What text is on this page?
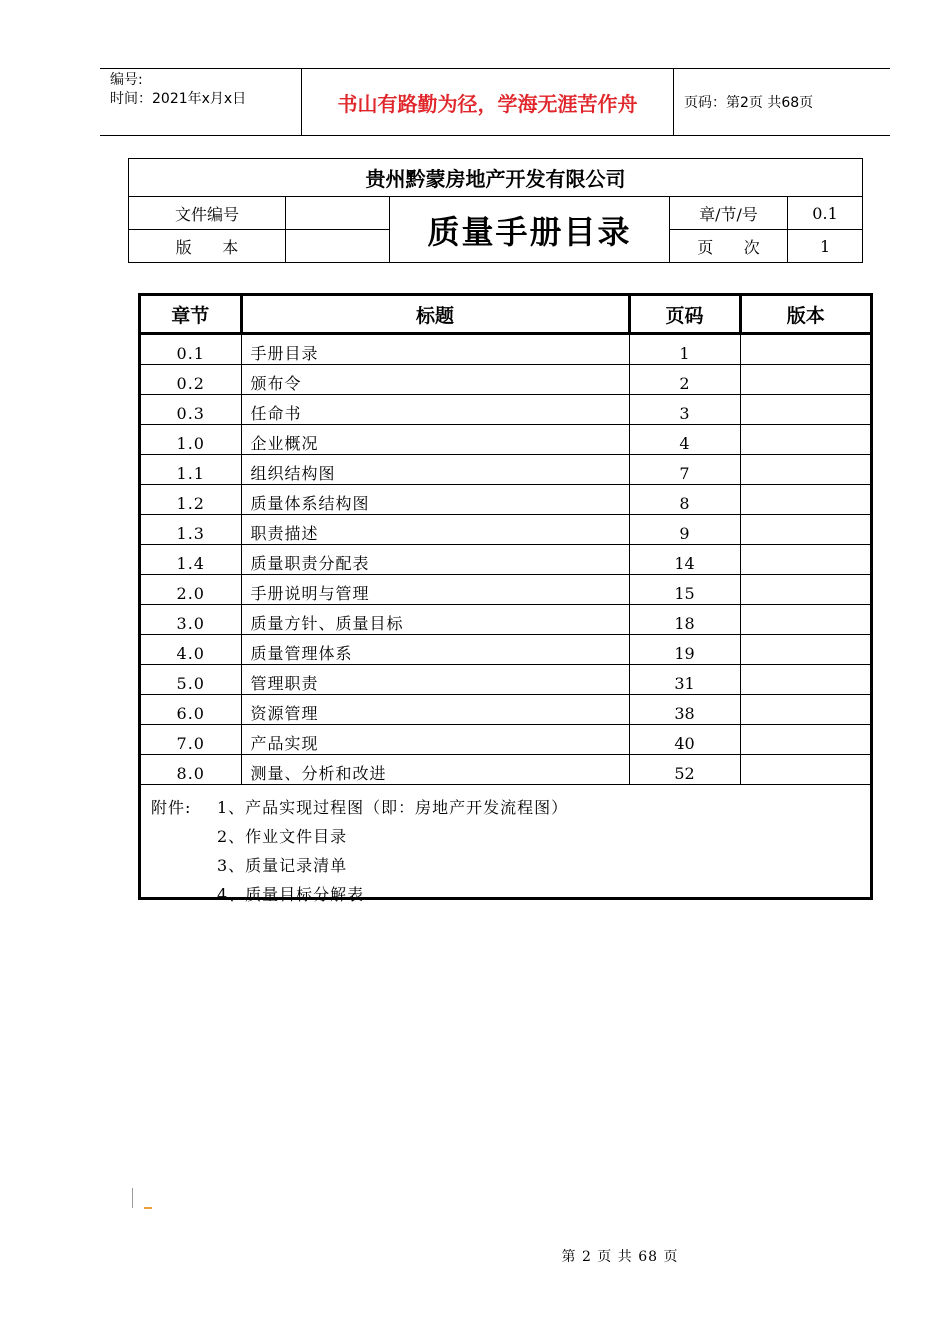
编号:
时间：2021年x月x日	书山有路勤为径，学海无涯苦作舟	页码：第2页 共68页
贵州黔蒙房地产开发有限公司				
文件编号		质量手册目录	章/节/号	0.1
版      本			页      次	1
章节	标题	页码	版本
0.1	手册目录	1	
0.2	颁布令	2	
0.3	任命书	3	
1.0	企业概况	4	
1.1	组织结构图	7	
1.2	质量体系结构图	8	
1.3	职责描述	9	
1.4	质量职责分配表	14	
2.0	手册说明与管理	15	
3.0	质量方针、质量目标	18	
4.0	质量管理体系	19	
5.0	管理职责	31	
6.0	资源管理	38	
7.0	产品实现	40	
8.0	测量、分析和改进	52	
附件: 1、产品实现过程图（即：房地产开发流程图）
2、作业文件目录
3、质量记录清单
4、质量目标分解表
第 2 页 共 68 页
